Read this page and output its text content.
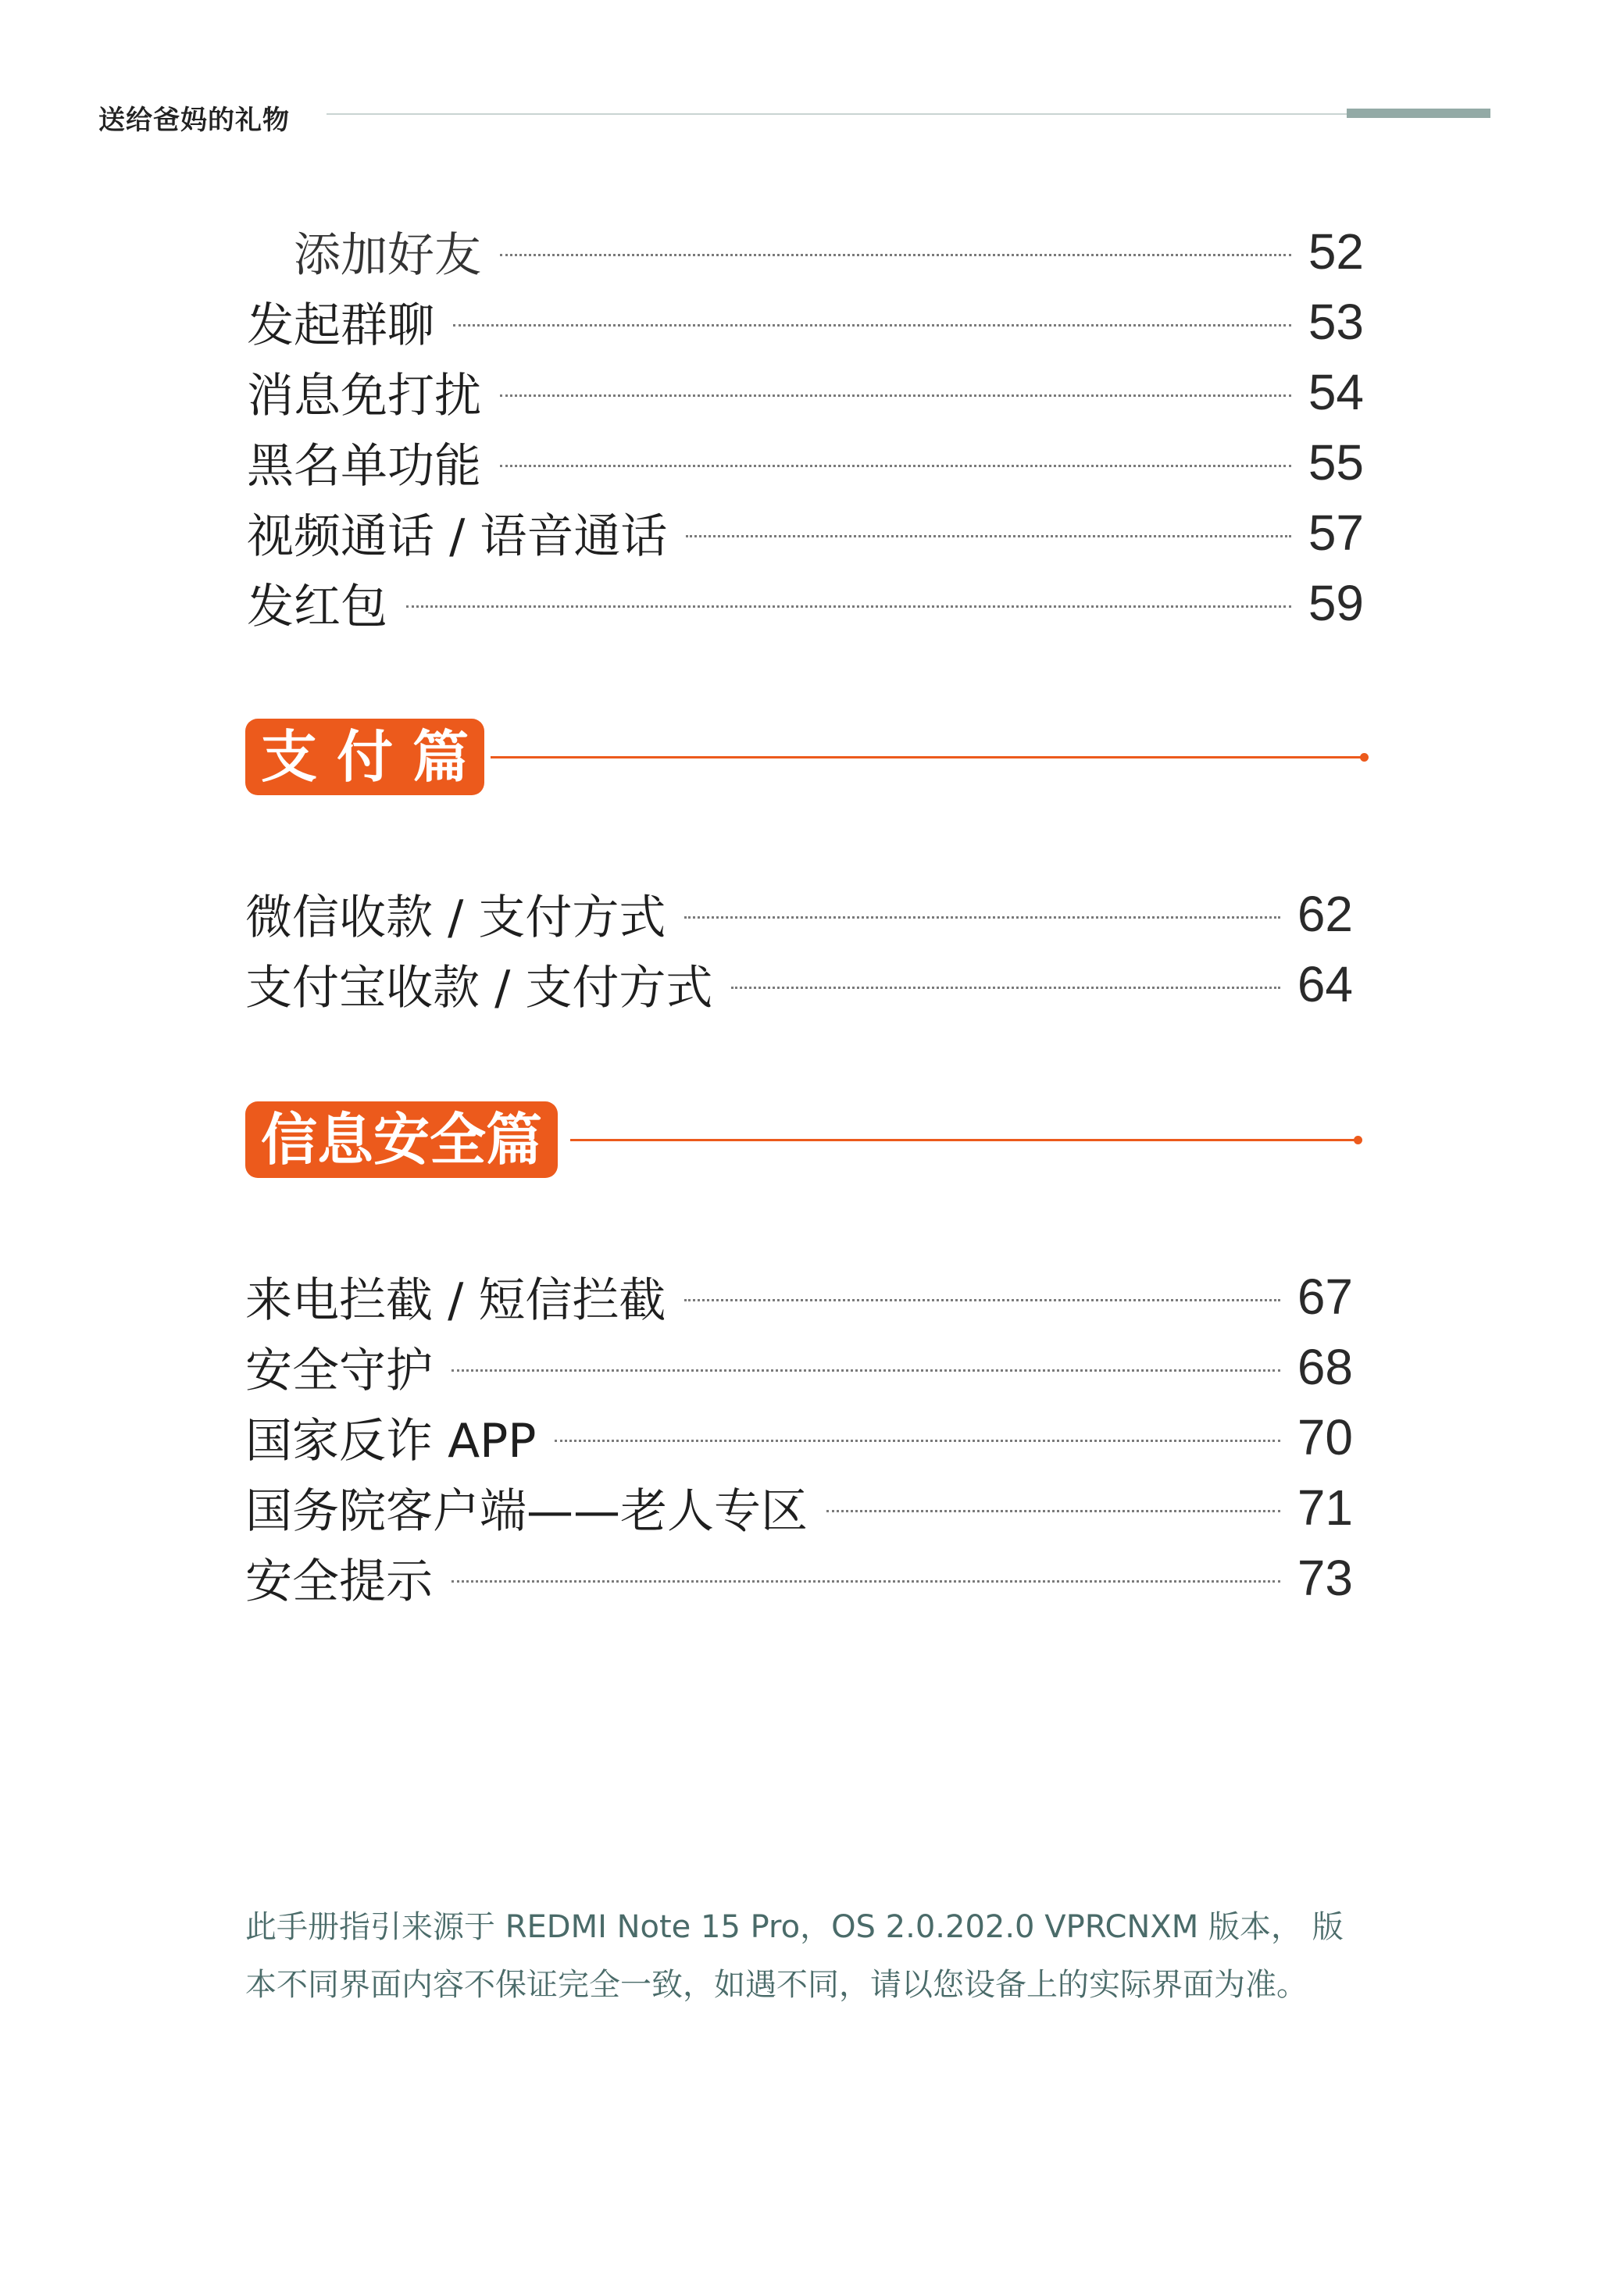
送给爸妈的礼物
添加好友	52
发起群聊	53
消息免打扰	54
黑名单功能	55
视频通话 / 语音通话	57
发红包	59
支 付 篇
微信收款 / 支付方式	62
支付宝收款 / 支付方式	64
信息安全篇
来电拦截 / 短信拦截	67
安全守护	68
国家反诈 APP	70
国务院客户端——老人专区	71
安全提示	73
此手册指引来源于 REDMI Note 15 Pro，OS 2.0.202.0 VPRCNXM 版本， 版本不同界面内容不保证完全一致，如遇不同，请以您设备上的实际界面为准。
